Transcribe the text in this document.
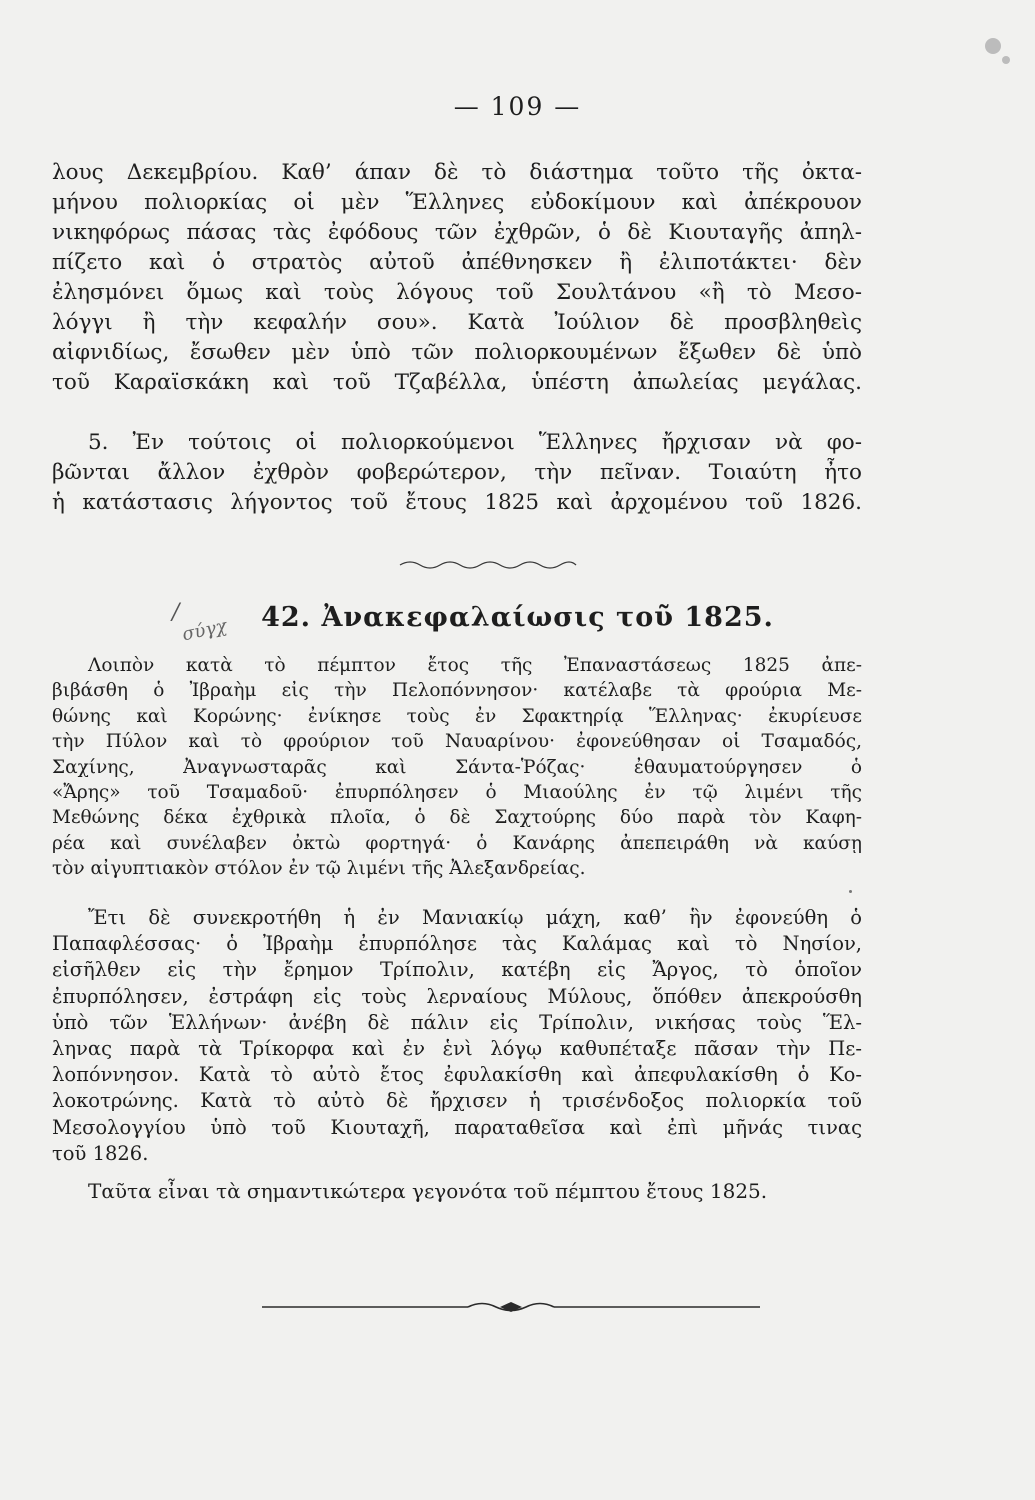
— 109 —
λους Δεκεμβρίου. Καθ’ άπαν δὲ τὸ διάστημα τοῦτο τῆς ὀκτα-
μήνου πολιορκίας οἱ μὲν Ἕλληνες εὐδοκίμουν καὶ ἀπέκρουον
νικηφόρως πάσας τὰς ἐφόδους τῶν ἐχθρῶν, ὁ δὲ Κιουταγῆς ἀπηλ-
πίζετο καὶ ὁ στρατὸς αὐτοῦ ἀπέθνησκεν ἢ ἐλιποτάκτει· δὲν
ἐλησμόνει ὅμως καὶ τοὺς λόγους τοῦ Σουλτάνου «ἢ τὸ Μεσο-
λόγγι ἢ τὴν κεφαλήν σου». Κατὰ Ἰούλιον δὲ προσβληθεὶς
αἰφνιδίως, ἔσωθεν μὲν ὑπὸ τῶν πολιορκουμένων ἔξωθεν δὲ ὑπὸ
τοῦ Καραϊσκάκη καὶ τοῦ Τζαβέλλα, ὑπέστη ἀπωλείας μεγάλας.
5. Ἐν τούτοις οἱ πολιορκούμενοι Ἕλληνες ἤρχισαν νὰ φο-
βῶνται ἄλλον ἐχθρὸν φοβερώτερον, τὴν πεῖναν. Τοιαύτη ἦτο
ἡ κατάστασις λήγοντος τοῦ ἔτους 1825 καὶ ἀρχομένου τοῦ 1826.
/
σύγχ	42. Ἀνακεφαλαίωσις τοῦ 1825.
Λοιπὸν κατὰ τὸ πέμπτον ἔτος τῆς Ἐπαναστάσεως 1825 ἀπε-
βιβάσθη ὁ Ἰβραὴμ εἰς τὴν Πελοπόννησον· κατέλαβε τὰ φρούρια Με-
θώνης καὶ Κορώνης· ἐνίκησε τοὺς ἐν Σφακτηρίᾳ Ἕλληνας· ἐκυρίευσε
τὴν Πύλον καὶ τὸ φρούριον τοῦ Ναυαρίνου· ἐφονεύθησαν οἱ Τσαμαδός,
Σαχίνης, Ἀναγνωσταρᾶς καὶ Σάντα-Ῥόζας· ἐθαυματούργησεν ὁ
«Ἄρης» τοῦ Τσαμαδοῦ· ἐπυρπόλησεν ὁ Μιαούλης ἐν τῷ λιμένι τῆς
Μεθώνης δέκα ἐχθρικὰ πλοῖα, ὁ δὲ Σαχτούρης δύο παρὰ τὸν Καφη-
ρέα καὶ συνέλαβεν ὀκτὼ φορτηγά· ὁ Κανάρης ἀπεπειράθη νὰ καύσῃ
τὸν αἰγυπτιακὸν στόλον ἐν τῷ λιμένι τῆς Ἀλεξανδρείας.
Ἔτι δὲ συνεκροτήθη ἡ ἐν Μανιακίῳ μάχη, καθ’ ἣν ἐφονεύθη ὁ
Παπαφλέσσας· ὁ Ἰβραὴμ ἐπυρπόλησε τὰς Καλάμας καὶ τὸ Νησίον,
εἰσῆλθεν εἰς τὴν ἔρημον Τρίπολιν, κατέβη εἰς Ἄργος, τὸ ὁποῖον
ἐπυρπόλησεν, ἐστράφη εἰς τοὺς λερναίους Μύλους, ὅπόθεν ἀπεκρούσθη
ὑπὸ τῶν Ἑλλήνων· ἀνέβη δὲ πάλιν εἰς Τρίπολιν, νικήσας τοὺς Ἕλ-
ληνας παρὰ τὰ Τρίκορφα καὶ ἐν ἑνὶ λόγῳ καθυπέταξε πᾶσαν τὴν Πε-
λοπόννησον. Κατὰ τὸ αὐτὸ ἔτος ἐφυλακίσθη καὶ ἀπεφυλακίσθη ὁ Κο-
λοκοτρώνης. Κατὰ τὸ αὐτὸ δὲ ἤρχισεν ἡ τρισένδοξος πολιορκία τοῦ
Μεσολογγίου ὑπὸ τοῦ Κιουταχῆ, παραταθεῖσα καὶ ἐπὶ μῆνάς τινας
τοῦ 1826.
Ταῦτα εἶναι τὰ σημαντικώτερα γεγονότα τοῦ πέμπτου ἔτους 1825.
